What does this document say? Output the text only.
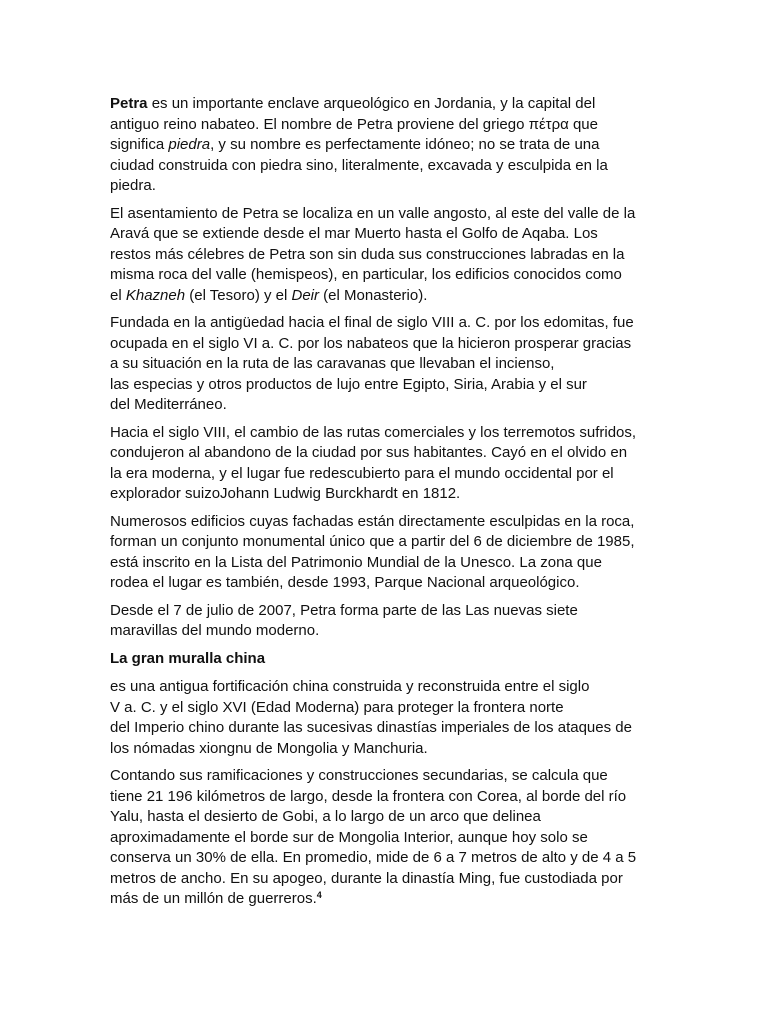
Petra es un importante enclave arqueológico en Jordania, y la capital del
antiguo reino nabateo. El nombre de Petra proviene del griego πέτρα que
significa piedra, y su nombre es perfectamente idóneo; no se trata de una
ciudad construida con piedra sino, literalmente, excavada y esculpida en la
piedra.
El asentamiento de Petra se localiza en un valle angosto, al este del valle de la
Aravá que se extiende desde el mar Muerto hasta el Golfo de Aqaba. Los
restos más célebres de Petra son sin duda sus construcciones labradas en la
misma roca del valle (hemispeos), en particular, los edificios conocidos como
el Khazneh (el Tesoro) y el Deir (el Monasterio).
Fundada en la antigüedad hacia el final de siglo VIII a. C. por los edomitas, fue
ocupada en el siglo VI a. C. por los nabateos que la hicieron prosperar gracias
a su situación en la ruta de las caravanas que llevaban el incienso,
las especias y otros productos de lujo entre Egipto, Siria, Arabia y el sur
del Mediterráneo.
Hacia el siglo VIII, el cambio de las rutas comerciales y los terremotos sufridos,
condujeron al abandono de la ciudad por sus habitantes. Cayó en el olvido en
la era moderna, y el lugar fue redescubierto para el mundo occidental por el
explorador suizoJohann Ludwig Burckhardt en 1812.
Numerosos edificios cuyas fachadas están directamente esculpidas en la roca,
forman un conjunto monumental único que a partir del 6 de diciembre de 1985,
está inscrito en la Lista del Patrimonio Mundial de la Unesco. La zona que
rodea el lugar es también, desde 1993, Parque Nacional arqueológico.
Desde el 7 de julio de 2007, Petra forma parte de las Las nuevas siete
maravillas del mundo moderno.
La gran muralla china
es una antigua fortificación china construida y reconstruida entre el siglo
V a. C. y el siglo XVI (Edad Moderna) para proteger la frontera norte
del Imperio chino durante las sucesivas dinastías imperiales de los ataques de
los nómadas xiongnu de Mongolia y Manchuria.
Contando sus ramificaciones y construcciones secundarias, se calcula que
tiene 21 196 kilómetros de largo, desde la frontera con Corea, al borde del río
Yalu, hasta el desierto de Gobi, a lo largo de un arco que delinea
aproximadamente el borde sur de Mongolia Interior, aunque hoy solo se
conserva un 30% de ella. En promedio, mide de 6 a 7 metros de alto y de 4 a 5
metros de ancho. En su apogeo, durante la dinastía Ming, fue custodiada por
más de un millón de guerreros.$^4$
